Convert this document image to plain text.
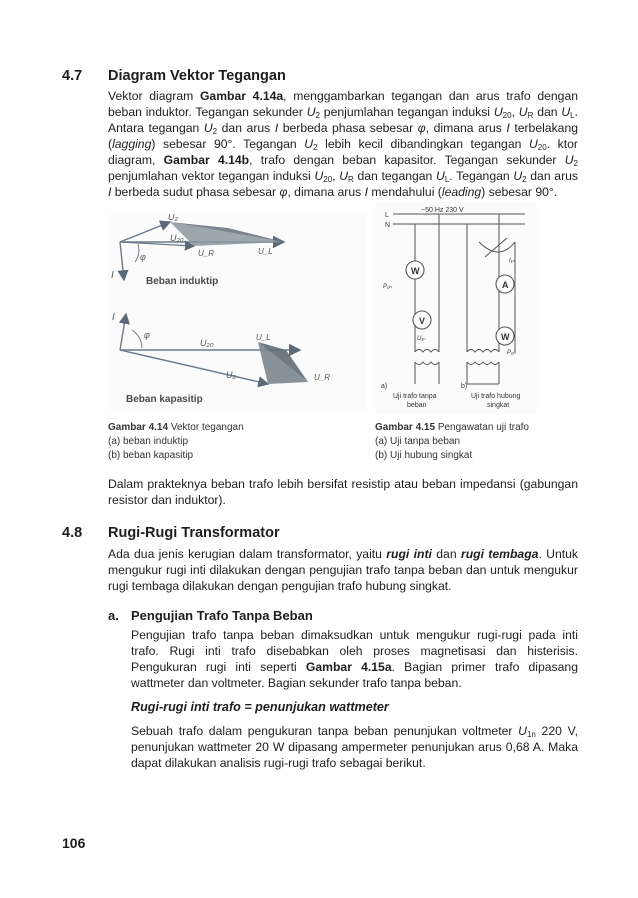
4.7 Diagram Vektor Tegangan

Vektor diagram Gambar 4.14a, menggambarkan tegangan dan arus trafo dengan beban induktor. Tegangan sekunder $U_2$ penjumlahan tegangan induksi $U_{20}$, $U_R$ dan $U_L$. Antara tegangan $U_2$ dan arus I berbeda phasa sebesar φ, dimana arus I terbelakang (lagging) sebesar 90°. Tegangan $U_2$ lebih kecil dibandingkan tegangan $U_{20}$. ktor diagram, Gambar 4.14b, trafo dengan beban kapasitor. Tegangan sekunder $U_2$ penjumlahan vektor tegangan induksi $U_{20}$, $U_R$ dan tegangan $U_L$. Tegangan $U_2$ dan arus I berbeda sudut phasa sebesar φ, dimana arus I mendahului (leading) sebesar 90°.

U₂
U₂₀
U_R	U_L
I
φ
Beban induktip
I
φ
U₂₀
U_L
U₂	U_R
Beban kapasitip
W
V
A
W
~50 Hz 230 V
L
N
P₀ₕ
P₀ₕ
U₁ₙ
I₁ₙ
a)	b)
Uji trafo tanpa
beban
Uji trafo hubung
singkat
Gambar 4.14 Vektor tegangan
(a) beban induktip
(b) beban kapasitip
Gambar 4.15 Pengawatan uji trafo
(a) Uji tanpa beban
(b) Uji hubung singkat

Dalam prakteknya beban trafo lebih bersifat resistip atau beban impedansi (gabungan resistor dan induktor).

4.8 Rugi-Rugi Transformator

Ada dua jenis kerugian dalam transformator, yaitu rugi inti dan rugi tembaga. Untuk mengukur rugi inti dilakukan dengan pengujian trafo tanpa beban dan untuk mengukur rugi tembaga dilakukan dengan pengujian trafo hubung singkat.

a. Pengujian Trafo Tanpa Beban

Pengujian trafo tanpa beban dimaksudkan untuk mengukur rugi-rugi pada inti trafo. Rugi inti trafo disebabkan oleh proses magnetisasi dan histerisis. Pengukuran rugi inti seperti Gambar 4.15a. Bagian primer trafo dipasang wattmeter dan voltmeter. Bagian sekunder trafo tanpa beban.

Rugi-rugi inti trafo = penunjukan wattmeter

Sebuah trafo dalam pengukuran tanpa beban penunjukan voltmeter $U_{1n}$ 220 V, penunjukan wattmeter 20 W dipasang ampermeter penunjukan arus 0,68 A. Maka dapat dilakukan analisis rugi-rugi trafo sebagai berikut.

106
